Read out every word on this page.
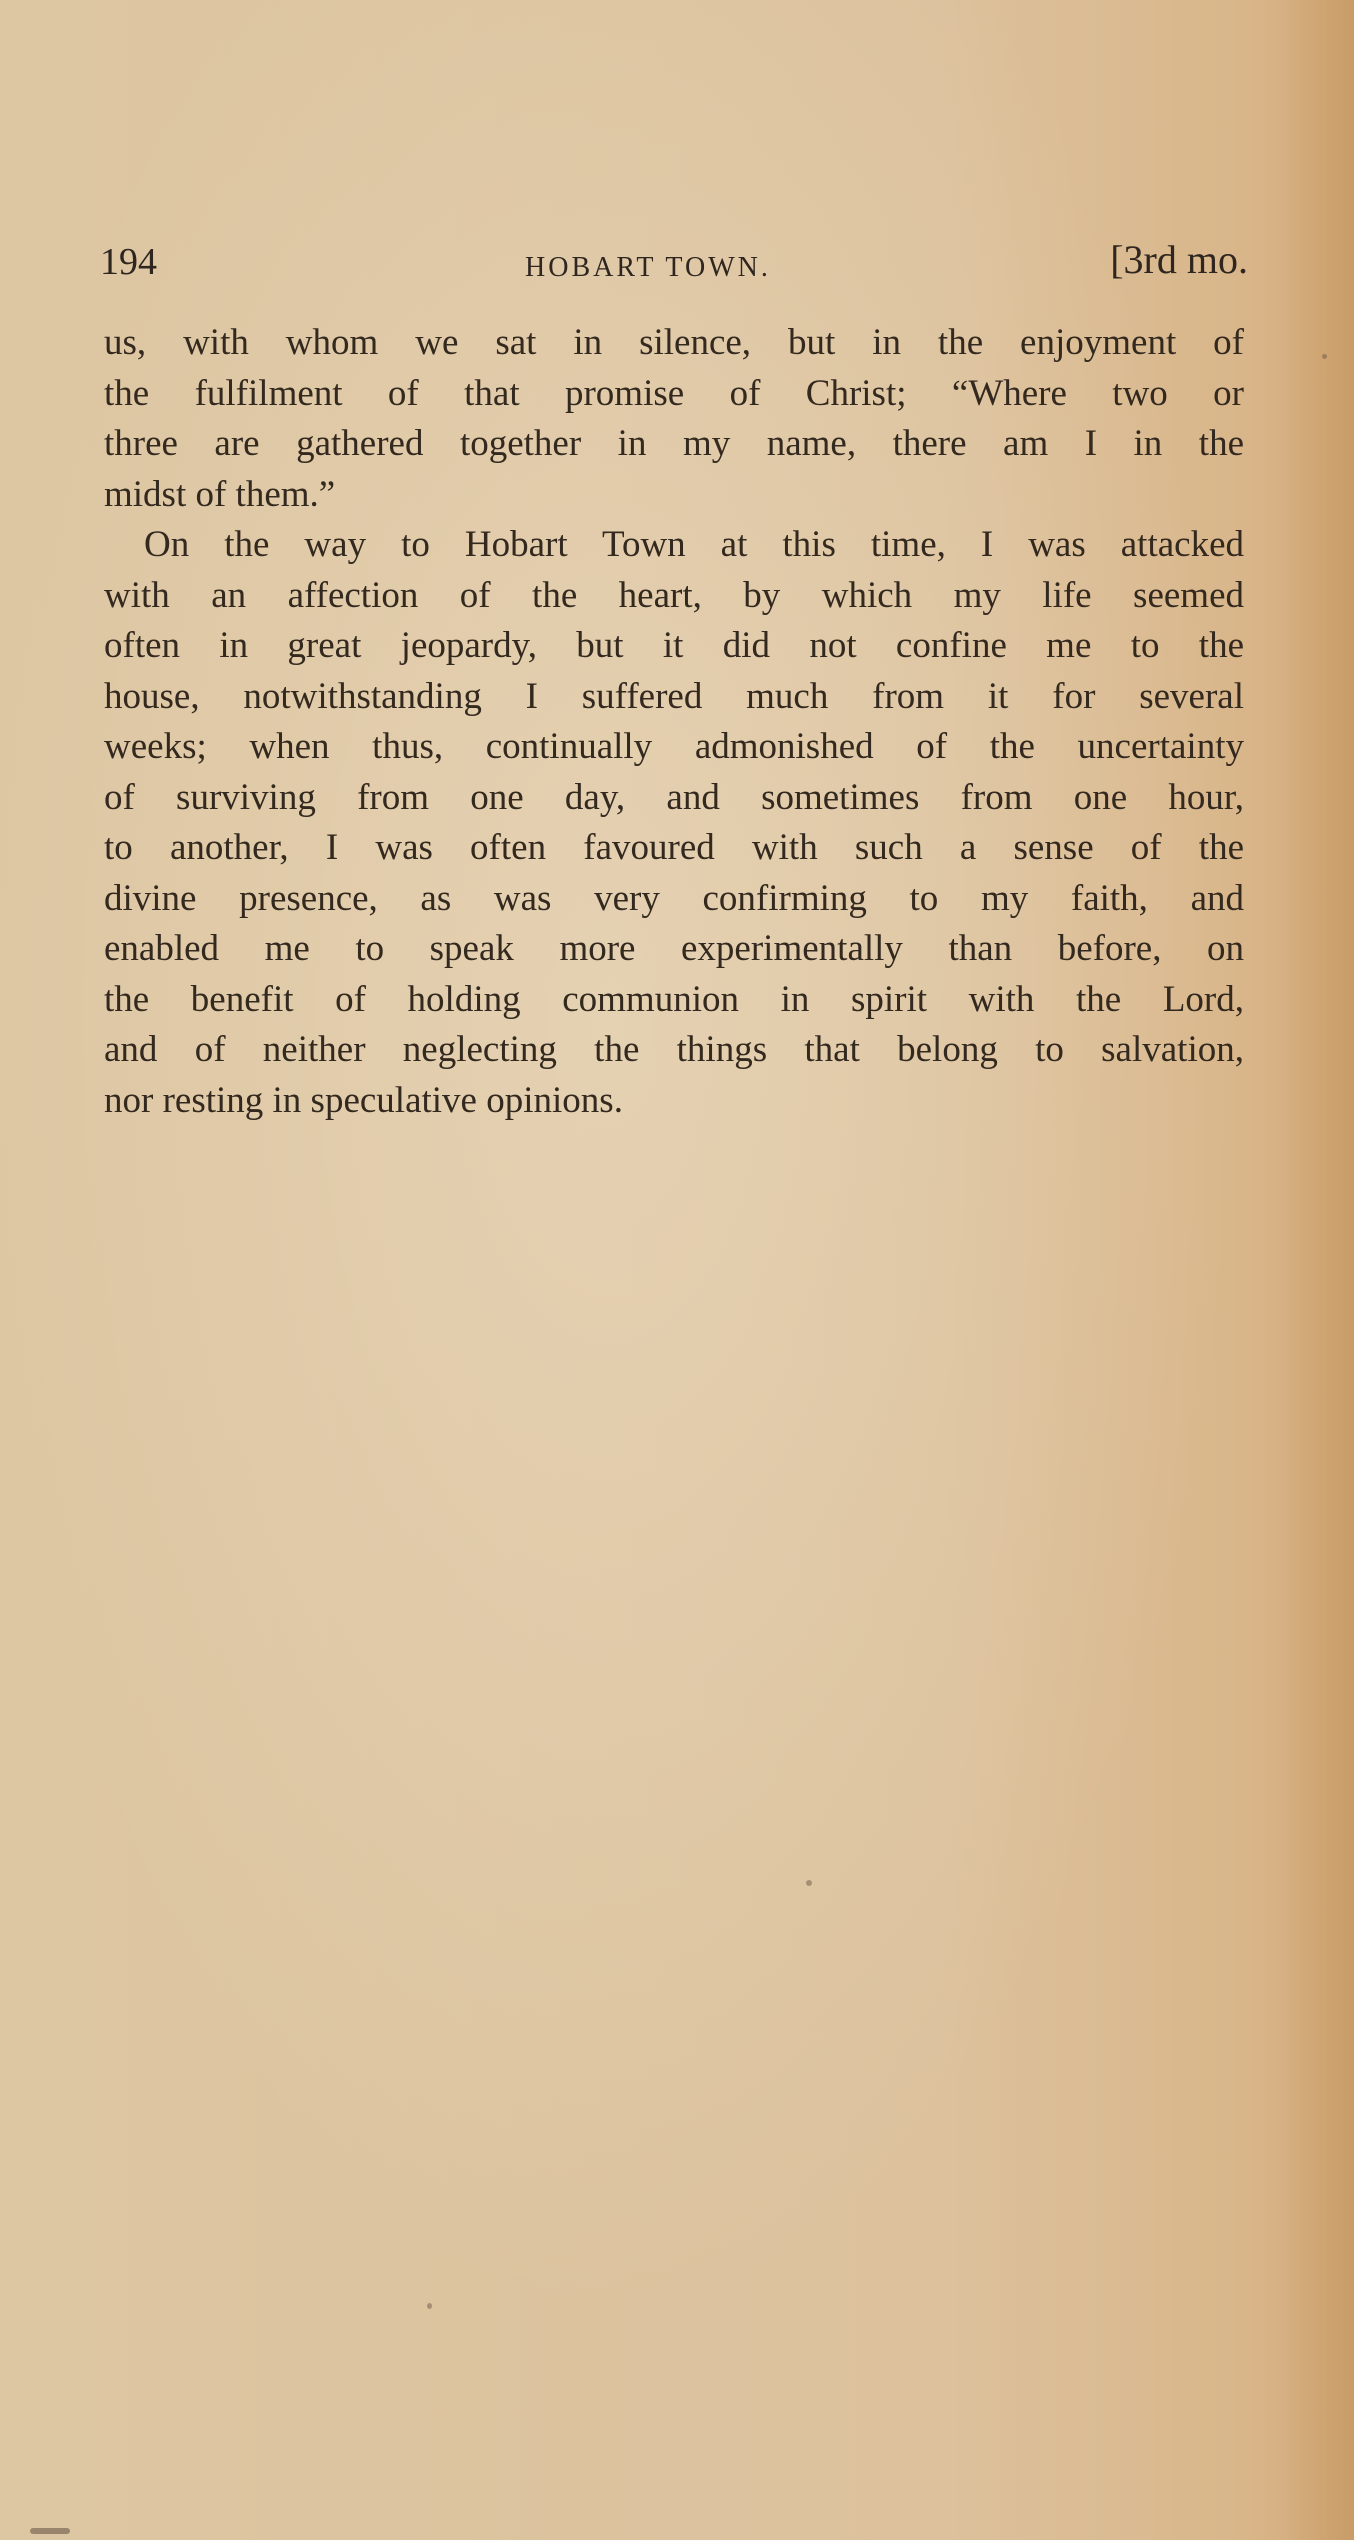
194	HOBART TOWN.	[3rd mo.
us, with whom we sat in silence, but in the enjoyment of
the fulfilment of that promise of Christ; “Where two or
three are gathered together in my name, there am I in the
midst of them.”
On the way to Hobart Town at this time, I was attacked
with an affection of the heart, by which my life seemed
often in great jeopardy, but it did not confine me to the
house, notwithstanding I suffered much from it for several
weeks; when thus, continually admonished of the uncertainty
of surviving from one day, and sometimes from one hour,
to another, I was often favoured with such a sense of the
divine presence, as was very confirming to my faith, and
enabled me to speak more experimentally than before, on
the benefit of holding communion in spirit with the Lord,
and of neither neglecting the things that belong to salvation,
nor resting in speculative opinions.
